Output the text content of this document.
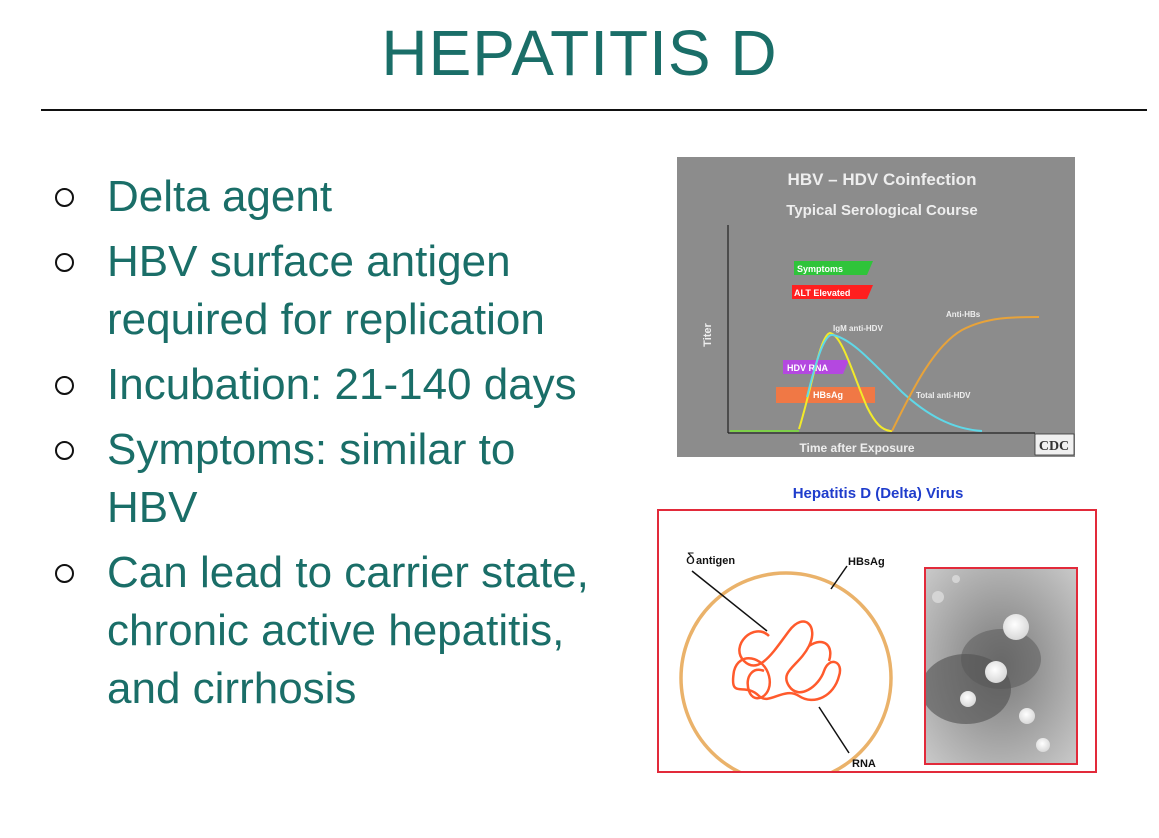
HEPATITIS D
Delta agent
HBV surface antigen required for replication
Incubation: 21-140 days
Symptoms: similar to HBV
Can lead to carrier state, chronic active hepatitis, and cirrhosis
HBV – HDV Coinfection
Typical Serological Course
Titer
Time after Exposure
Symptoms
ALT Elevated
HDV RNA
HBsAg
IgM anti-HDV
Total anti-HDV
Anti-HBs
CDC
Hepatitis D (Delta) Virus
δ antigen	HBsAg
RNA
